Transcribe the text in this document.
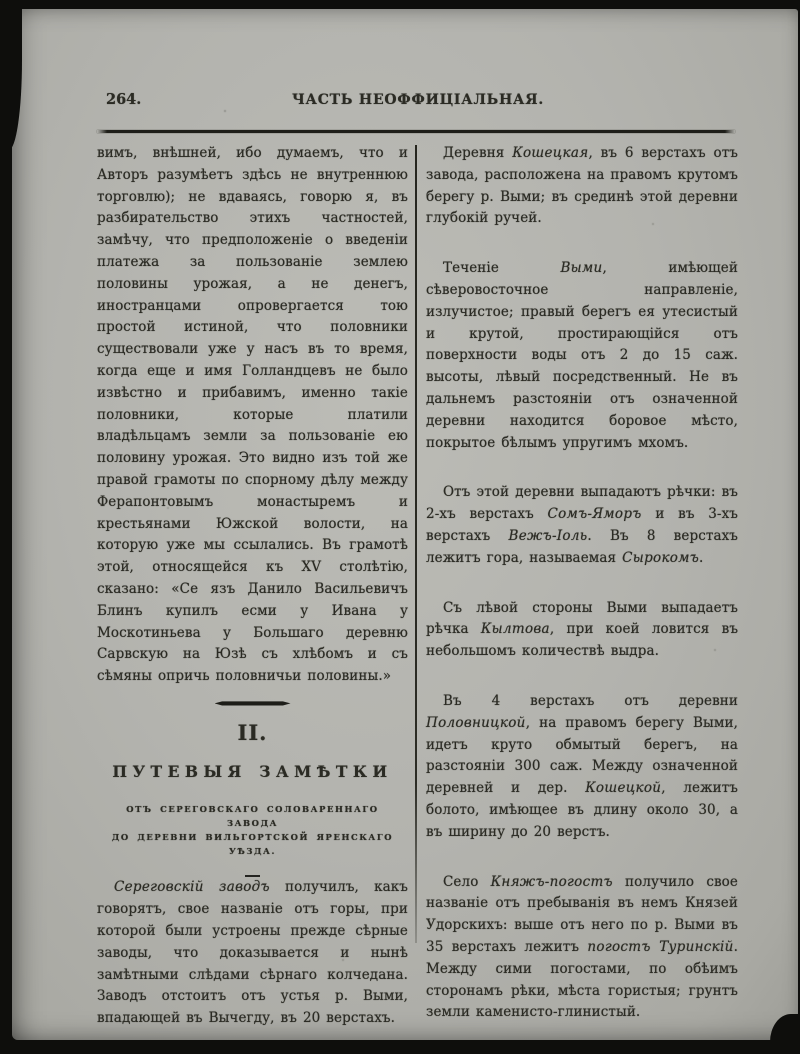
264.	ЧАСТЬ НЕОФФИЦІАЛЬНАЯ.

вимъ, внѣшней, ибо думаемъ, что и Авторъ разумѣетъ здѣсь не внутреннюю торговлю); не вдаваясь, говорю я, въ разбирательство этихъ частностей, замѣчу, что предположеніе о введеніи платежа за пользованіе землею половины урожая, а не денегъ, иностранцами опровергается тою простой истиной, что половники существовали уже у насъ въ то время, когда еще и имя Голландцевъ не было извѣстно и прибавимъ, именно такіе половники, которые платили владѣльцамъ земли за пользованіе ею половину урожая. Это видно изъ той же правой грамоты по спорному дѣлу между Ферапонтовымъ монастыремъ и крестьянами Южской волости, на которую уже мы ссылались. Въ грамотѣ этой, относящейся къ XV столѣтію, сказано: «Се язъ Данило Васильевичъ Блинъ купилъ есми у Ивана у Москотиньева у Большаго деревню Сарвскую на Юзѣ съ хлѣбомъ и съ сѣмяны опричь половничьи половины.»

II.
ПУТЕВЫЯ ЗАМѢТКИ
ОТЪ СЕРЕГОВСКАГО СОЛОВАРЕННАГО ЗАВОДА
ДО ДЕРЕВНИ ВИЛЬГОРТСКОЙ ЯРЕНСКАГО УѢЗДА.

Сереговскій заводъ получилъ, какъ говорятъ, свое названіе отъ горы, при которой были устроены прежде сѣрные заводы, что доказывается и нынѣ замѣтными слѣдами сѣрнаго колчедана. Заводъ отстоитъ отъ устья р. Выми, впадающей въ Вычегду, въ 20 верстахъ.

Деревня Кошецкая, въ 6 верстахъ отъ завода, расположена на правомъ крутомъ берегу р. Выми; въ срединѣ этой деревни глубокій ручей.

Теченіе Выми, имѣющей сѣверовосточное направленіе, излучистое; правый берегъ ея утесистый и крутой, простирающійся отъ поверхности воды отъ 2 до 15 саж. высоты, лѣвый посредственный. Не въ дальнемъ разстояніи отъ означенной деревни находится боровое мѣсто, покрытое бѣлымъ упругимъ мхомъ.

Отъ этой деревни выпадаютъ рѣчки: въ 2-хъ верстахъ Сомъ-Яморъ и въ 3-хъ верстахъ Вежъ-Іоль. Въ 8 верстахъ лежитъ гора, называемая Сырокомъ.

Съ лѣвой стороны Выми выпадаетъ рѣчка Кылтова, при коей ловится въ небольшомъ количествѣ выдра.

Въ 4 верстахъ отъ деревни Половницкой, на правомъ берегу Выми, идетъ круто обмытый берегъ, на разстояніи 300 саж. Между означенной деревней и дер. Кошецкой, лежитъ болото, имѣющее въ длину около 30, а въ ширину до 20 верстъ.

Село Княжъ-погостъ получило свое названіе отъ пребыванія въ немъ Князей Удорскихъ: выше отъ него по р. Выми въ 35 верстахъ лежитъ погостъ Туринскій. Между сими погостами, по обѣимъ сторонамъ рѣки, мѣста гористыя; грунтъ земли каменисто-глинистый.
